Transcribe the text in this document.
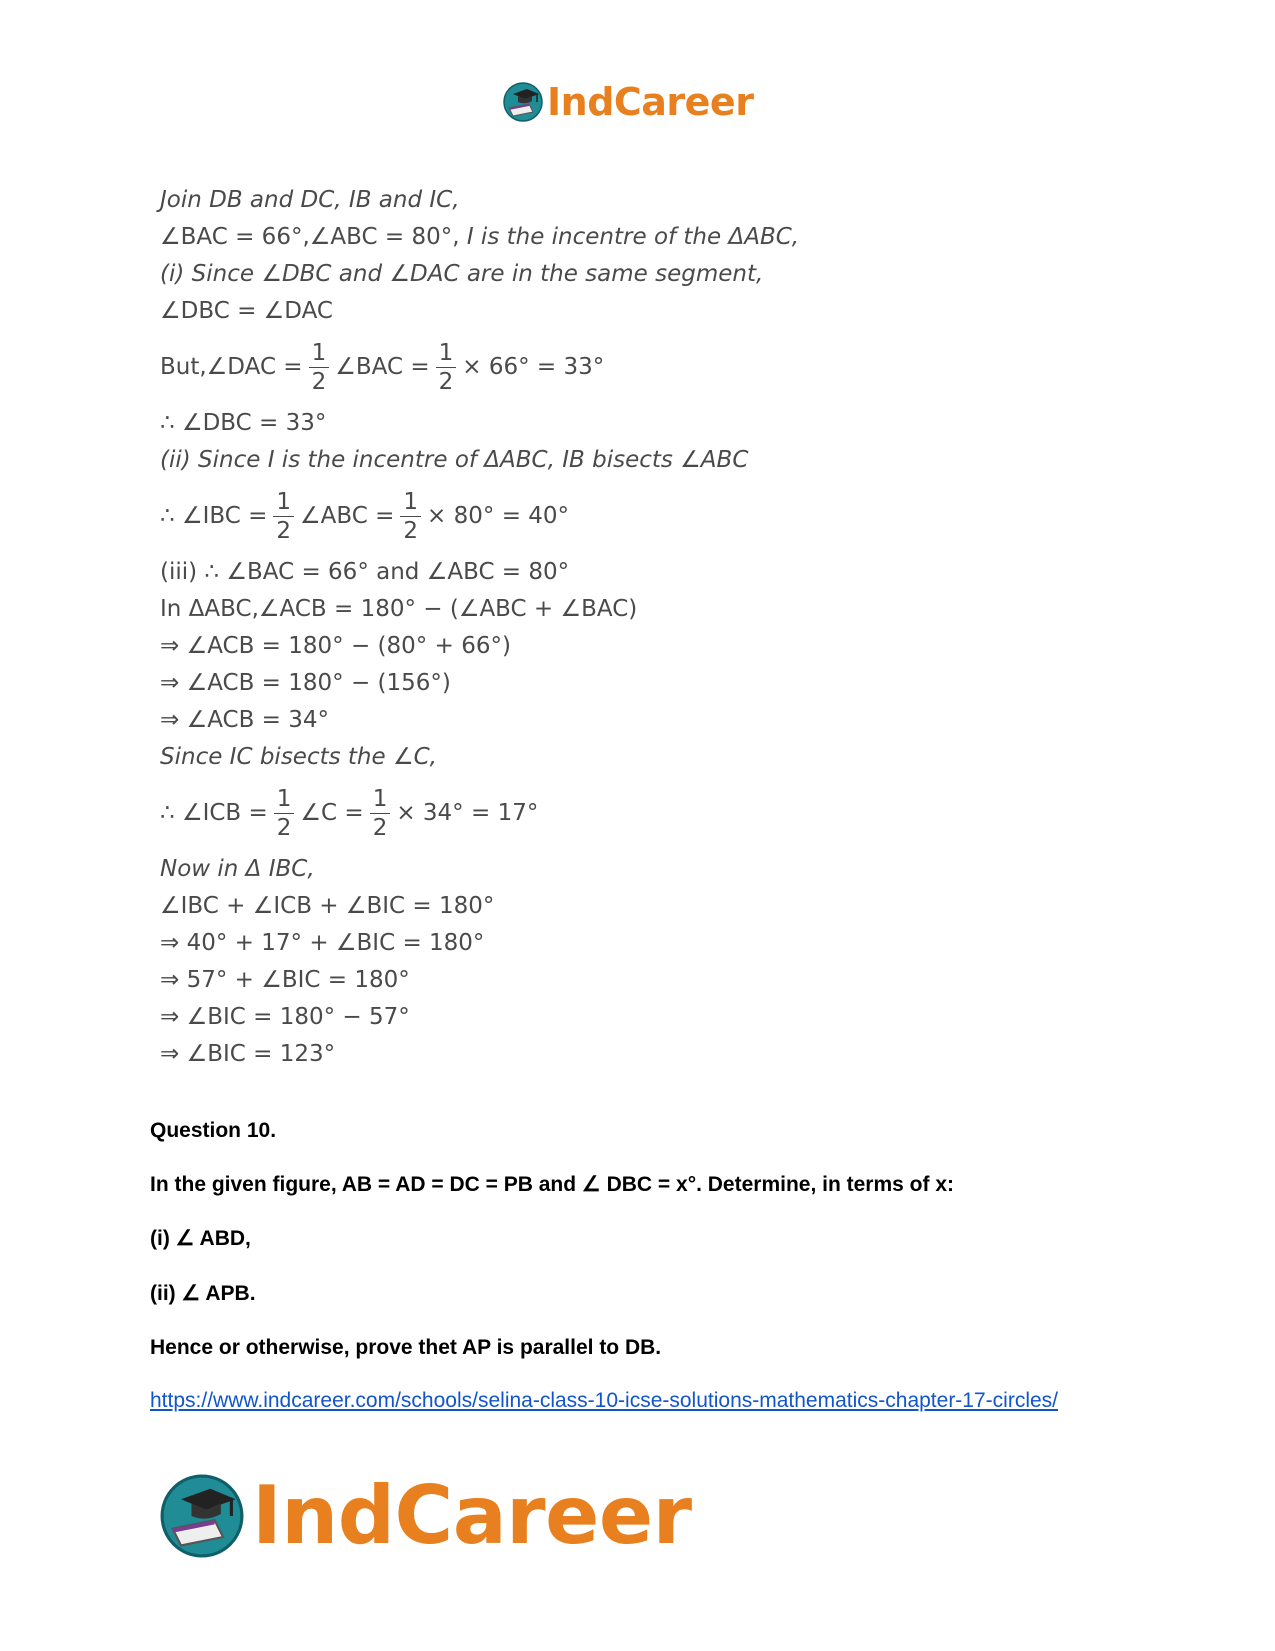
IndCareer
Join DB and DC, IB and IC,
∠BAC = 66°,∠ABC = 80°, I is the incentre of the ΔABC,
(i) Since ∠DBC and ∠DAC are in the same segment,
∠DBC = ∠DAC
But,∠DAC = $\frac{1}{2}$ ∠BAC = $\frac{1}{2} \times 66^\circ = 33^\circ$
∴ ∠DBC = 33°
(ii) Since I is the incentre of ΔABC, IB bisects ∠ABC
∴ ∠IBC = $\frac{1}{2}$ ∠ABC = $\frac{1}{2} \times 80^\circ = 40^\circ$
(iii) ∴ ∠BAC = 66° and ∠ABC = 80°
In ΔABC,∠ACB = 180° − (∠ABC + ∠BAC)
⇒ ∠ACB = 180° − (80° + 66°)
⇒ ∠ACB = 180° − (156°)
⇒ ∠ACB = 34°
Since IC bisects the ∠C,
∴ ∠ICB = $\frac{1}{2}$ ∠C = $\frac{1}{2} \times 34^\circ = 17^\circ$
Now in Δ IBC,
∠IBC + ∠ICB + ∠BIC = 180°
⇒ 40° + 17° + ∠BIC = 180°
⇒ 57° + ∠BIC = 180°
⇒ ∠BIC = 180° − 57°
⇒ ∠BIC = 123°
Question 10.
In the given figure, AB = AD = DC = PB and ∠ DBC = x°. Determine, in terms of x:
(i) ∠ ABD,
(ii) ∠ APB.
Hence or otherwise, prove thet AP is parallel to DB.
https://www.indcareer.com/schools/selina-class-10-icse-solutions-mathematics-chapter-17-circles/
IndCareer
